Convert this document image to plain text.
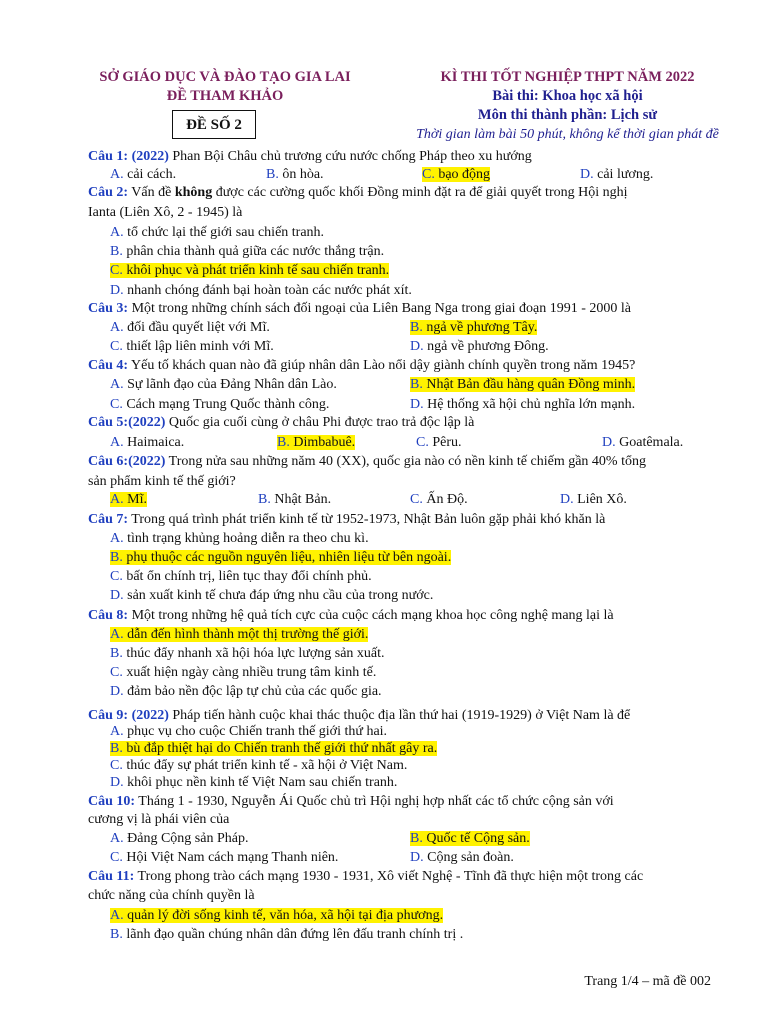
SỞ GIÁO DỤC VÀ ĐÀO TẠO GIA LAI
ĐỀ THAM KHẢO
ĐỀ SỐ 2
KÌ THI TỐT NGHIỆP THPT NĂM 2022
Bài thi: Khoa học xã hội
Môn thi thành phần: Lịch sử
Thời gian làm bài 50 phút, không kể thời gian phát đề
Câu 1: (2022) Phan Bội Châu chủ trương cứu nước chống Pháp theo xu hướng
A. cải cách.	B. ôn hòa.	C. bạo động	D. cải lương.
Câu 2: Vấn đề không được các cường quốc khối Đồng minh đặt ra để giải quyết trong Hội nghị
Ianta (Liên Xô, 2 - 1945) là
A. tổ chức lại thế giới sau chiến tranh.
B. phân chia thành quả giữa các nước thắng trận.
C. khôi phục và phát triển kinh tế sau chiến tranh.
D. nhanh chóng đánh bại hoàn toàn các nước phát xít.
Câu 3: Một trong những chính sách đối ngoại của Liên Bang Nga trong giai đoạn 1991 - 2000 là
A. đối đầu quyết liệt với Mĩ.	B. ngả về phương Tây.
C. thiết lập liên minh với Mĩ.	D. ngả về phương Đông.
Câu 4: Yếu tố khách quan nào đã giúp nhân dân Lào nổi dậy giành chính quyền trong năm 1945?
A. Sự lãnh đạo của Đảng Nhân dân Lào.	B. Nhật Bản đầu hàng quân Đồng minh.
C. Cách mạng Trung Quốc thành công.	D. Hệ thống xã hội chủ nghĩa lớn mạnh.
Câu 5:(2022) Quốc gia cuối cùng ở châu Phi được trao trả độc lập là
A. Haimaica.	B. Dimbabuê.	C. Pêru.	D. Goatêmala.
Câu 6:(2022) Trong nửa sau những năm 40 (XX), quốc gia nào có nền kinh tế chiếm gần 40% tổng
sản phẩm kinh tế thế giới?
A. Mĩ.	B. Nhật Bản.	C. Ấn Độ.	D. Liên Xô.
Câu 7: Trong quá trình phát triển kinh tế từ 1952-1973, Nhật Bản luôn gặp phải khó khăn là
A. tình trạng khủng hoảng diễn ra theo chu kì.
B. phụ thuộc các nguồn nguyên liệu, nhiên liệu từ bên ngoài.
C. bất ổn chính trị, liên tục thay đổi chính phủ.
D. sản xuất kinh tế chưa đáp ứng nhu cầu của trong nước.
Câu 8: Một trong những hệ quả tích cực của cuộc cách mạng khoa học công nghệ mang lại là
A. dẫn đến hình thành một thị trường thế giới.
B. thúc đẩy nhanh xã hội hóa lực lượng sản xuất.
C. xuất hiện ngày càng nhiều trung tâm kinh tế.
D. đảm bảo nền độc lập tự chủ của các quốc gia.
Câu 9: (2022) Pháp tiến hành cuộc khai thác thuộc địa lần thứ hai (1919-1929) ở Việt Nam là để
A. phục vụ cho cuộc Chiến tranh thế giới thứ hai.
B. bù đắp thiệt hại do Chiến tranh thế giới thứ nhất gây ra.
C. thúc đẩy sự phát triển kinh tế - xã hội ở Việt Nam.
D. khôi phục nền kinh tế Việt Nam sau chiến tranh.
Câu 10: Tháng 1 - 1930, Nguyễn Ái Quốc chủ trì Hội nghị hợp nhất các tổ chức cộng sản với
cương vị là phái viên của
A. Đảng Cộng sản Pháp.	B. Quốc tế Cộng sản.
C. Hội Việt Nam cách mạng Thanh niên.	D. Cộng sản đoàn.
Câu 11: Trong phong trào cách mạng 1930 - 1931, Xô viết Nghệ - Tĩnh đã thực hiện một trong các
chức năng của chính quyền là
A. quản lý đời sống kinh tế, văn hóa, xã hội tại địa phương.
B. lãnh đạo quần chúng nhân dân đứng lên đấu tranh chính trị .
Trang 1/4 – mã đề 002
